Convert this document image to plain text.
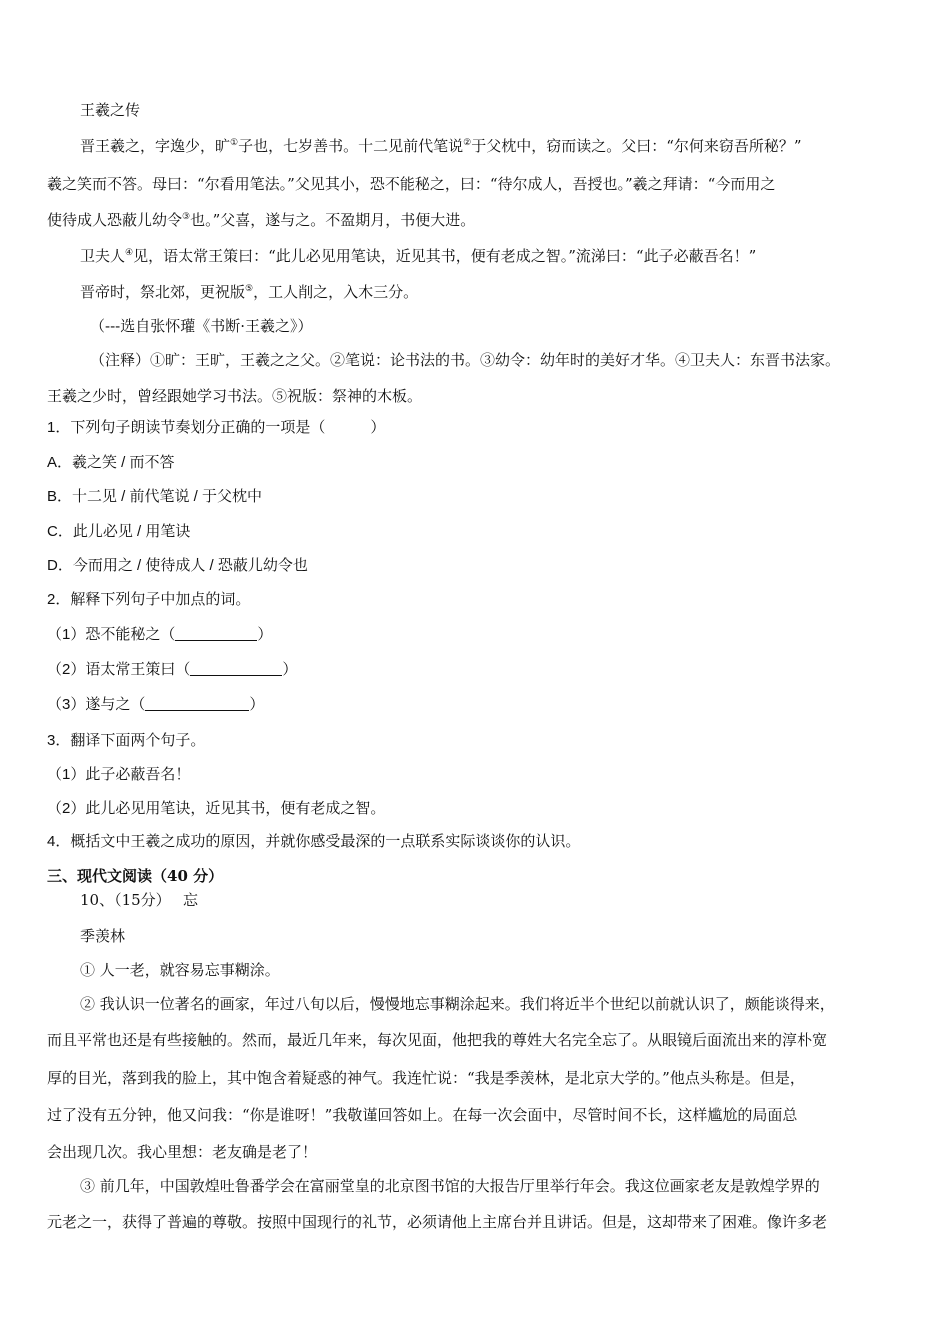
王羲之传
晋王羲之，字逸少，旷①子也，七岁善书。十二见前代笔说②于父枕中，窃而读之。父曰：“尔何来窃吾所秘？”
羲之笑而不答。母曰：“尔看用笔法。”父见其小，恐不能秘之，曰：“待尔成人，吾授也。”羲之拜请：“今而用之
使待成人恐蔽儿幼令③也。”父喜，遂与之。不盈期月，书便大进。
卫夫人④见，语太常王策曰：“此儿必见用笔诀，近见其书，便有老成之智。”流涕曰：“此子必蔽吾名！”
晋帝时，祭北郊，更祝版⑤，工人削之，入木三分。
（---选自张怀瓘《书断·王羲之》）
（注释）①旷：王旷，王羲之之父。②笔说：论书法的书。③幼令：幼年时的美好才华。④卫夫人：东晋书法家。
王羲之少时，曾经跟她学习书法。⑤祝版：祭神的木板。
1．下列句子朗读节奏划分正确的一项是（　　　）
A．羲之笑 / 而不答
B．十二见 / 前代笔说 / 于父枕中
C．此儿必见 / 用笔诀
D．今而用之 / 使待成人 / 恐蔽儿幼令也
2．解释下列句子中加点的词。
（1）恐不能秘之（	）
（2）语太常王策曰（	）
（3）遂与之（	）
3．翻译下面两个句子。
（1）此子必蔽吾名！
（2）此儿必见用笔诀，近见其书，便有老成之智。
4．概括文中王羲之成功的原因，并就你感受最深的一点联系实际谈谈你的认识。
三、现代文阅读（40 分）
10、（15分）　 忘
季羡林
① 人一老，就容易忘事糊涂。
② 我认识一位著名的画家，年过八旬以后，慢慢地忘事糊涂起来。我们将近半个世纪以前就认识了，颇能谈得来，
而且平常也还是有些接触的。然而，最近几年来，每次见面，他把我的尊姓大名完全忘了。从眼镜后面流出来的淳朴宽
厚的目光，落到我的脸上，其中饱含着疑惑的神气。我连忙说：“我是季羡林，是北京大学的。”他点头称是。但是，
过了没有五分钟，他又问我：“你是谁呀！”我敬谨回答如上。在每一次会面中，尽管时间不长，这样尴尬的局面总
会出现几次。我心里想：老友确是老了！
③ 前几年，中国敦煌吐鲁番学会在富丽堂皇的北京图书馆的大报告厅里举行年会。我这位画家老友是敦煌学界的
元老之一，获得了普遍的尊敬。按照中国现行的礼节，必须请他上主席台并且讲话。但是，这却带来了困难。像许多老
